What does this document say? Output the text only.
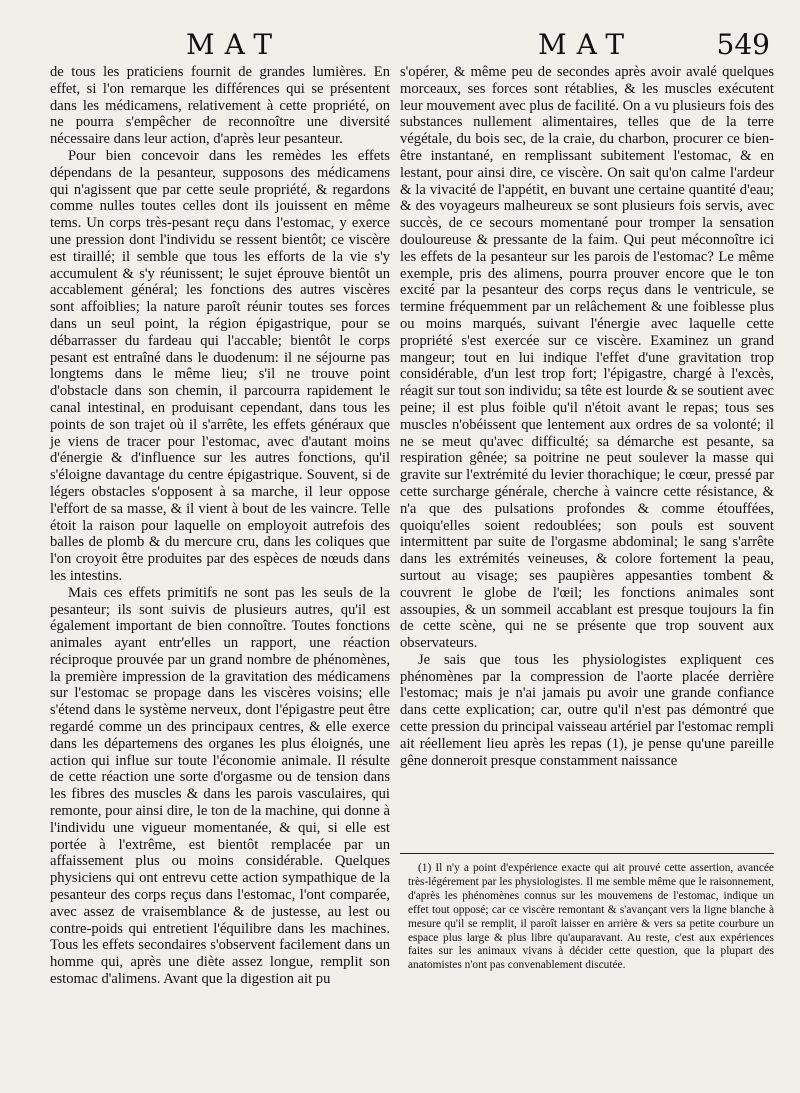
MAT	MAT	549

de tous les praticiens fournit de grandes lumières. En effet, si l'on remarque les différences qui se présentent dans les médicamens, relativement à cette propriété, on ne pourra s'empêcher de reconnoître une diversité nécessaire dans leur action, d'après leur pesanteur.

Pour bien concevoir dans les remèdes les effets dépendans de la pesanteur, supposons des médicamens qui n'agissent que par cette seule propriété, & regardons comme nulles toutes celles dont ils jouissent en même tems. Un corps très-pesant reçu dans l'estomac, y exerce une pression dont l'individu se ressent bientôt; ce viscère est tiraillé; il semble que tous les efforts de la vie s'y accumulent & s'y réunissent; le sujet éprouve bientôt un accablement général; les fonctions des autres viscères sont affoiblies; la nature paroît réunir toutes ses forces dans un seul point, la région épigastrique, pour se débarrasser du fardeau qui l'accable; bientôt le corps pesant est entraîné dans le duodenum: il ne séjourne pas longtems dans le même lieu; s'il ne trouve point d'obstacle dans son chemin, il parcourra rapidement le canal intestinal, en produisant cependant, dans tous les points de son trajet où il s'arrête, les effets généraux que je viens de tracer pour l'estomac, avec d'autant moins d'énergie & d'influence sur les autres fonctions, qu'il s'éloigne davantage du centre épigastrique. Souvent, si de légers obstacles s'opposent à sa marche, il leur oppose l'effort de sa masse, & il vient à bout de les vaincre. Telle étoit la raison pour laquelle on employoit autrefois des balles de plomb & du mercure cru, dans les coliques que l'on croyoit être produites par des espèces de nœuds dans les intestins.

Mais ces effets primitifs ne sont pas les seuls de la pesanteur; ils sont suivis de plusieurs autres, qu'il est également important de bien connoître. Toutes fonctions animales ayant entr'elles un rapport, une réaction réciproque prouvée par un grand nombre de phénomènes, la première impression de la gravitation des médicamens sur l'estomac se propage dans les viscères voisins; elle s'étend dans le système nerveux, dont l'épigastre peut être regardé comme un des principaux centres, & elle exerce dans les départemens des organes les plus éloignés, une action qui influe sur toute l'économie animale. Il résulte de cette réaction une sorte d'orgasme ou de tension dans les fibres des muscles & dans les parois vasculaires, qui remonte, pour ainsi dire, le ton de la machine, qui donne à l'individu une vigueur momentanée, & qui, si elle est portée à l'extrême, est bientôt remplacée par un affaissement plus ou moins considérable. Quelques physiciens qui ont entrevu cette action sympathique de la pesanteur des corps reçus dans l'estomac, l'ont comparée, avec assez de vraisemblance & de justesse, au lest ou contre-poids qui entretient l'équilibre dans les machines. Tous les effets secondaires s'observent facilement dans un homme qui, après une diète assez longue, remplit son estomac d'alimens. Avant que la digestion ait pu

s'opérer, & même peu de secondes après avoir avalé quelques morceaux, ses forces sont rétablies, & les muscles exécutent leur mouvement avec plus de facilité. On a vu plusieurs fois des substances nullement alimentaires, telles que de la terre végétale, du bois sec, de la craie, du charbon, procurer ce bien-être instantané, en remplissant subitement l'estomac, & en lestant, pour ainsi dire, ce viscère. On sait qu'on calme l'ardeur & la vivacité de l'appétit, en buvant une certaine quantité d'eau; & des voyageurs malheureux se sont plusieurs fois servis, avec succès, de ce secours momentané pour tromper la sensation douloureuse & pressante de la faim. Qui peut méconnoître ici les effets de la pesanteur sur les parois de l'estomac? Le même exemple, pris des alimens, pourra prouver encore que le ton excité par la pesanteur des corps reçus dans le ventricule, se termine fréquemment par un relâchement & une foiblesse plus ou moins marqués, suivant l'énergie avec laquelle cette propriété s'est exercée sur ce viscère. Examinez un grand mangeur; tout en lui indique l'effet d'une gravitation trop considérable, d'un lest trop fort; l'épigastre, chargé à l'excès, réagit sur tout son individu; sa tête est lourde & se soutient avec peine; il est plus foible qu'il n'étoit avant le repas; tous ses muscles n'obéissent que lentement aux ordres de sa volonté; il ne se meut qu'avec difficulté; sa démarche est pesante, sa respiration gênée; sa poitrine ne peut soulever la masse qui gravite sur l'extrémité du levier thorachique; le cœur, pressé par cette surcharge générale, cherche à vaincre cette résistance, & n'a que des pulsations profondes & comme étouffées, quoiqu'elles soient redoublées; son pouls est souvent intermittent par suite de l'orgasme abdominal; le sang s'arrête dans les extrémités veineuses, & colore fortement la peau, surtout au visage; ses paupières appesanties tombent & couvrent le globe de l'œil; les fonctions animales sont assoupies, & un sommeil accablant est presque toujours la fin de cette scène, qui ne se présente que trop souvent aux observateurs.

Je sais que tous les physiologistes expliquent ces phénomènes par la compression de l'aorte placée derrière l'estomac; mais je n'ai jamais pu avoir une grande confiance dans cette explication; car, outre qu'il n'est pas démontré que cette pression du principal vaisseau artériel par l'estomac rempli ait réellement lieu après les repas (1), je pense qu'une pareille gêne donneroit presque constamment naissance

(1) Il n'y a point d'expérience exacte qui ait prouvé cette assertion, avancée très-légérement par les physiologistes. Il me semble même que le raisonnement, d'après les phénomènes connus sur les mouvemens de l'estomac, indique un effet tout opposé; car ce viscère remontant & s'avançant vers la ligne blanche à mesure qu'il se remplit, il paroît laisser en arrière & vers sa petite courbure un espace plus large & plus libre qu'auparavant. Au reste, c'est aux expériences faites sur les animaux vivans à décider cette question, que la plupart des anatomistes n'ont pas convenablement discutée.
